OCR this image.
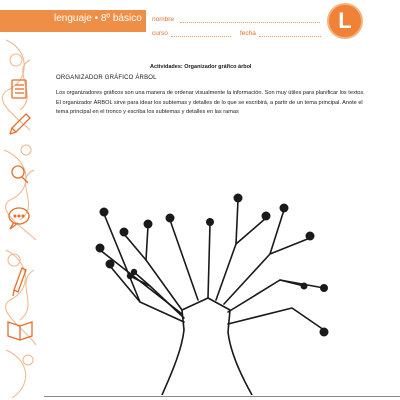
lenguaje • 8º básico nombre
curso	fecha
L
Actividades: Organizador gráfico árbol
ORGANIZADOR GRÁFICO ÁRBOL
Los organizadores gráficos son una manera de ordenar visualmente la información. Son muy útiles para planificar los textos. El organizador ÁRBOL sirve para idear los subtemas y detalles de lo que se escribirá, a partir de un tema principal. Anote el tema principal en el tronco y escriba los subtemas y detalles en las ramas
